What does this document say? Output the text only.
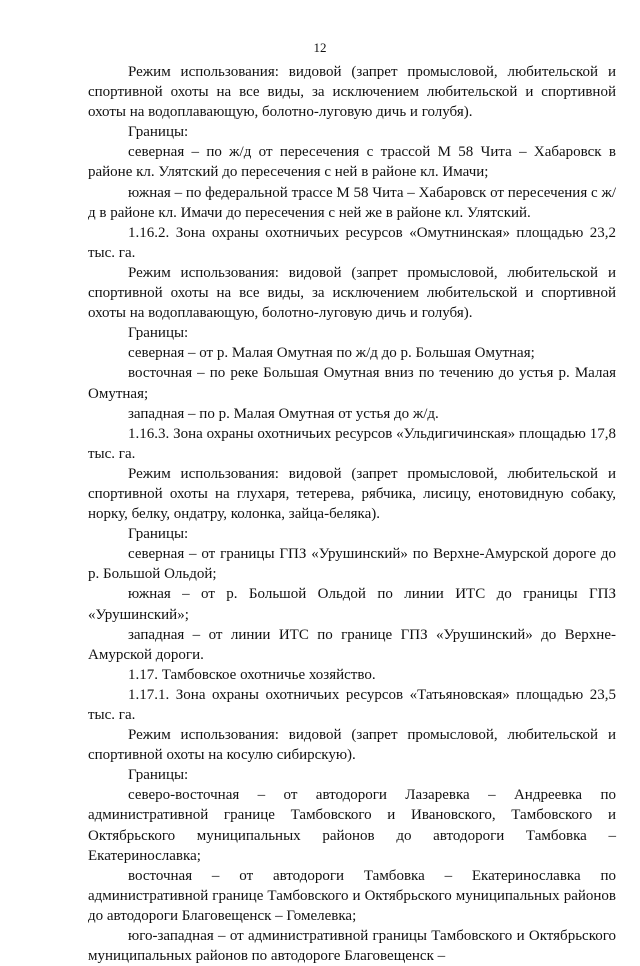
12

Режим использования: видовой (запрет промысловой, любительской и спортивной охоты на все виды, за исключением любительской и спортивной охоты на водоплавающую, болотно-луговую дичь и голубя).

Границы:

северная – по ж/д от пересечения с трассой М 58 Чита – Хабаровск в районе кл. Улятский до пересечения с ней в районе кл. Имачи;

южная – по федеральной трассе М 58 Чита – Хабаровск от пересечения с ж/д в районе кл. Имачи до пересечения с ней же в районе кл. Улятский.

1.16.2. Зона охраны охотничьих ресурсов «Омутнинская» площадью 23,2 тыс. га.

Режим использования: видовой (запрет промысловой, любительской и спортивной охоты на все виды, за исключением любительской и спортивной охоты на водоплавающую, болотно-луговую дичь и голубя).

Границы:

северная – от р. Малая Омутная по ж/д до р. Большая Омутная;

восточная – по реке Большая Омутная вниз по течению до устья р. Малая Омутная;

западная – по р. Малая Омутная от устья до ж/д.

1.16.3. Зона охраны охотничьих ресурсов «Ульдигичинская» площадью 17,8 тыс. га.

Режим использования: видовой (запрет промысловой, любительской и спортивной охоты на глухаря, тетерева, рябчика, лисицу, енотовидную собаку, норку, белку, ондатру, колонка, зайца-беляка).

Границы:

северная – от границы ГПЗ «Урушинский» по Верхне-Амурской дороге до р. Большой Ольдой;

южная – от р. Большой Ольдой по линии ИТС до границы ГПЗ «Урушинский»;

западная – от линии ИТС по границе ГПЗ «Урушинский» до Верхне-Амурской дороги.

1.17. Тамбовское охотничье хозяйство.

1.17.1. Зона охраны охотничьих ресурсов «Татьяновская» площадью 23,5 тыс. га.

Режим использования: видовой (запрет промысловой, любительской и спортивной охоты на косулю сибирскую).

Границы:

северо-восточная – от автодороги Лазаревка – Андреевка по административной границе Тамбовского и Ивановского, Тамбовского и Октябрьского муниципальных районов до автодороги Тамбовка – Екатеринославка;

восточная – от автодороги Тамбовка – Екатеринославка по административной границе Тамбовского и Октябрьского муниципальных районов до автодороги Благовещенск – Гомелевка;

юго-западная – от административной границы Тамбовского и Октябрьского муниципальных районов по автодороге Благовещенск –
